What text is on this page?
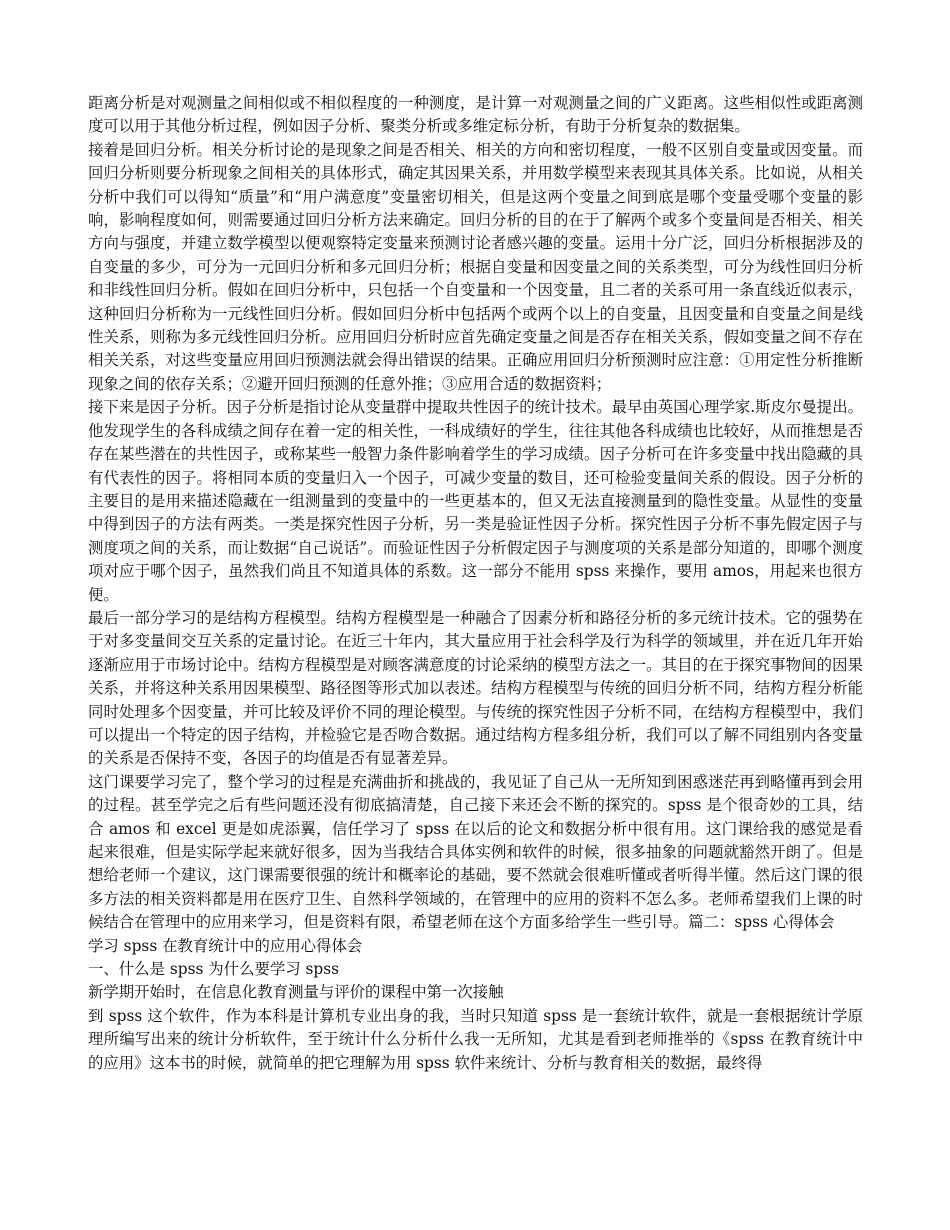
距离分析是对观测量之间相似或不相似程度的一种测度，是计算一对观测量之间的广义距离。这些相似性或距离测度可以用于其他分析过程，例如因子分析、聚类分析或多维定标分析，有助于分析复杂的数据集。

接着是回归分析。相关分析讨论的是现象之间是否相关、相关的方向和密切程度，一般不区别自变量或因变量。而回归分析则要分析现象之间相关的具体形式，确定其因果关系，并用数学模型来表现其具体关系。比如说，从相关分析中我们可以得知“质量”和“用户满意度”变量密切相关，但是这两个变量之间到底是哪个变量受哪个变量的影响，影响程度如何，则需要通过回归分析方法来确定。回归分析的目的在于了解两个或多个变量间是否相关、相关方向与强度，并建立数学模型以便观察特定变量来预测讨论者感兴趣的变量。运用十分广泛，回归分析根据涉及的自变量的多少，可分为一元回归分析和多元回归分析；根据自变量和因变量之间的关系类型，可分为线性回归分析和非线性回归分析。假如在回归分析中，只包括一个自变量和一个因变量，且二者的关系可用一条直线近似表示，这种回归分析称为一元线性回归分析。假如回归分析中包括两个或两个以上的自变量，且因变量和自变量之间是线性关系，则称为多元线性回归分析。应用回归分析时应首先确定变量之间是否存在相关关系，假如变量之间不存在相关关系，对这些变量应用回归预测法就会得出错误的结果。正确应用回归分析预测时应注意：①用定性分析推断现象之间的依存关系；②避开回归预测的任意外推；③应用合适的数据资料；

接下来是因子分析。因子分析是指讨论从变量群中提取共性因子的统计技术。最早由英国心理学家.斯皮尔曼提出。他发现学生的各科成绩之间存在着一定的相关性，一科成绩好的学生，往往其他各科成绩也比较好，从而推想是否存在某些潜在的共性因子，或称某些一般智力条件影响着学生的学习成绩。因子分析可在许多变量中找出隐藏的具有代表性的因子。将相同本质的变量归入一个因子，可减少变量的数目，还可检验变量间关系的假设。因子分析的主要目的是用来描述隐藏在一组测量到的变量中的一些更基本的，但又无法直接测量到的隐性变量。从显性的变量中得到因子的方法有两类。一类是探究性因子分析，另一类是验证性因子分析。探究性因子分析不事先假定因子与测度项之间的关系，而让数据“自己说话”。而验证性因子分析假定因子与测度项的关系是部分知道的，即哪个测度项对应于哪个因子，虽然我们尚且不知道具体的系数。这一部分不能用 spss 来操作，要用 amos，用起来也很方便。

最后一部分学习的是结构方程模型。结构方程模型是一种融合了因素分析和路径分析的多元统计技术。它的强势在于对多变量间交互关系的定量讨论。在近三十年内，其大量应用于社会科学及行为科学的领域里，并在近几年开始逐渐应用于市场讨论中。结构方程模型是对顾客满意度的讨论采纳的模型方法之一。其目的在于探究事物间的因果关系，并将这种关系用因果模型、路径图等形式加以表述。结构方程模型与传统的回归分析不同，结构方程分析能同时处理多个因变量，并可比较及评价不同的理论模型。与传统的探究性因子分析不同，在结构方程模型中，我们可以提出一个特定的因子结构，并检验它是否吻合数据。通过结构方程多组分析，我们可以了解不同组别内各变量的关系是否保持不变，各因子的均值是否有显著差异。

这门课要学习完了，整个学习的过程是充满曲折和挑战的，我见证了自己从一无所知到困惑迷茫再到略懂再到会用的过程。甚至学完之后有些问题还没有彻底搞清楚，自己接下来还会不断的探究的。spss 是个很奇妙的工具，结合 amos 和 excel 更是如虎添翼，信任学习了 spss 在以后的论文和数据分析中很有用。这门课给我的感觉是看起来很难，但是实际学起来就好很多，因为当我结合具体实例和软件的时候，很多抽象的问题就豁然开朗了。但是想给老师一个建议，这门课需要很强的统计和概率论的基础，要不然就会很难听懂或者听得半懂。然后这门课的很多方法的相关资料都是用在医疗卫生、自然科学领域的，在管理中的应用的资料不怎么多。老师希望我们上课的时候结合在管理中的应用来学习，但是资料有限，希望老师在这个方面多给学生一些引导。篇二：spss 心得体会

学习 spss 在教育统计中的应用心得体会

一、什么是 spss 为什么要学习 spss

新学期开始时，在信息化教育测量与评价的课程中第一次接触

到 spss 这个软件，作为本科是计算机专业出身的我，当时只知道 spss 是一套统计软件，就是一套根据统计学原理所编写出来的统计分析软件，至于统计什么分析什么我一无所知，尤其是看到老师推举的《spss 在教育统计中的应用》这本书的时候，就简单的把它理解为用 spss 软件来统计、分析与教育相关的数据，最终得
